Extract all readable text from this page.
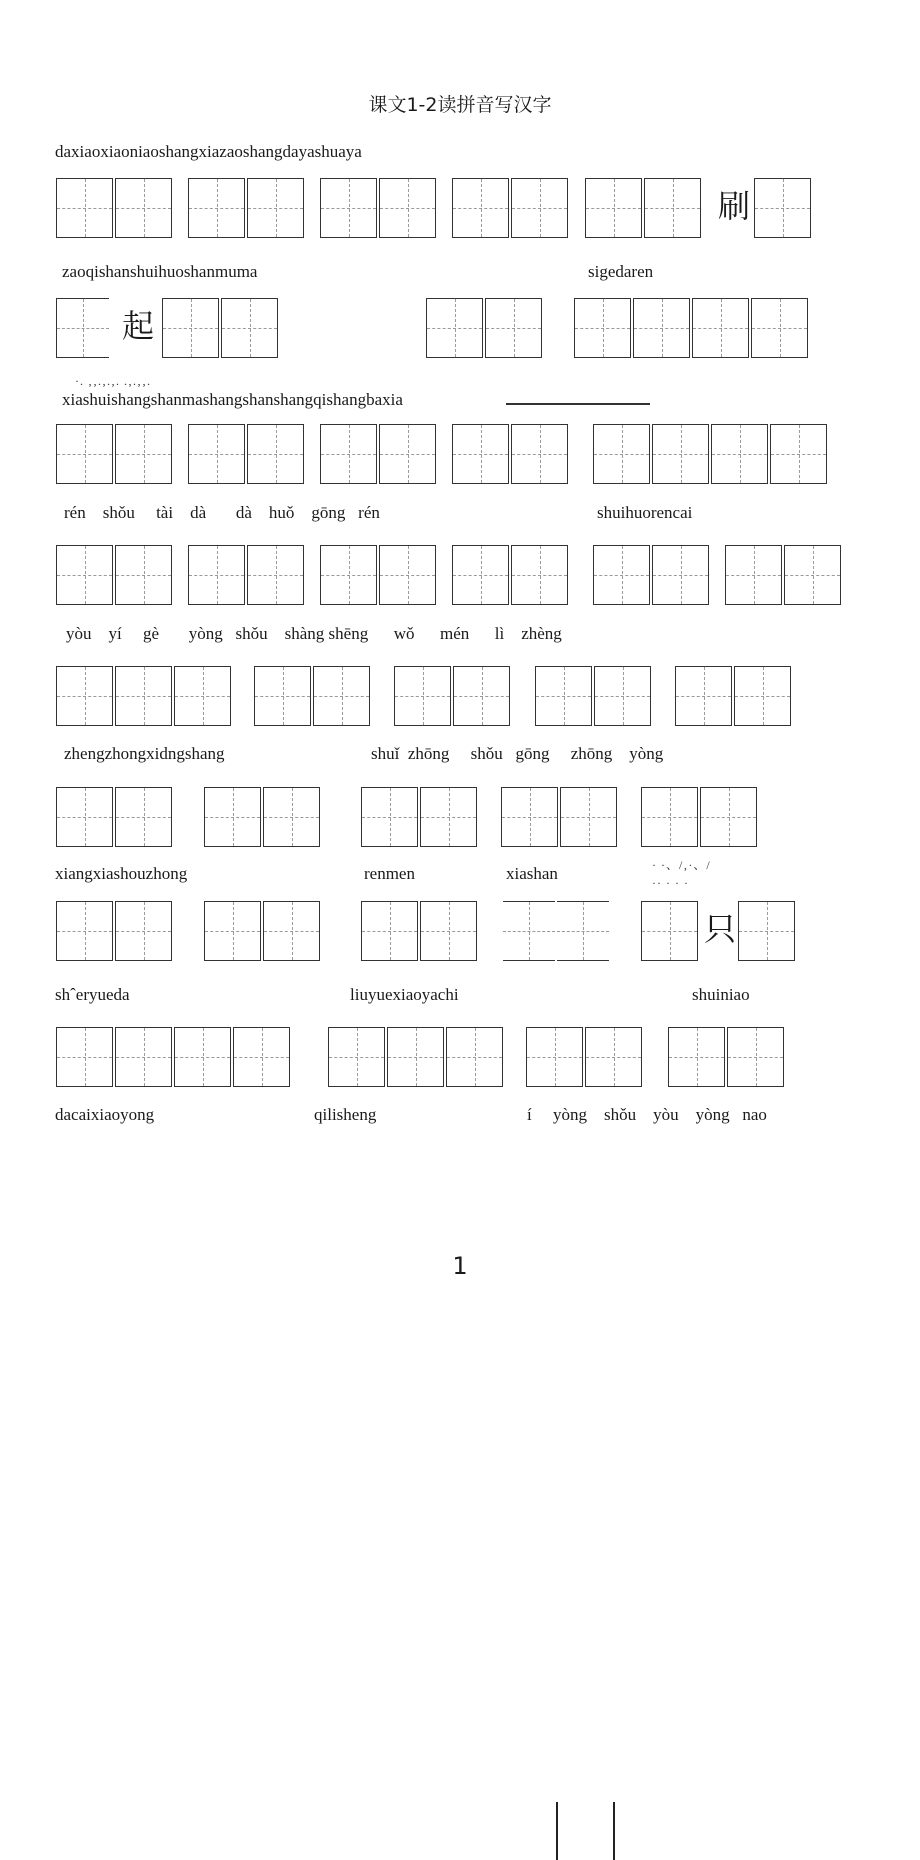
课文1-2读拼音写汉字
daxiaoxiaoniaoshangxiazaoshangdayashuaya
刷
zaoqishanshuihuoshanmuma	sigedaren
起
·. ‚‚.‚.‚. .‚.‚‚.
xiashuishangshanmashangshanshangqishangbaxia
rén    shǒu     tài    dà       dà    huǒ    gōng   rén	shuihuorencai
yòu    yí     gè       yòng   shǒu    shàng shēng      wǒ      mén      lì    zhèng
zhengzhongxidngshang	shuǐ  zhōng     shǒu   gōng     zhōng    yòng
xiangxiashouzhong	renmen	xiashan	· ·、/‚·、/
·· · · ·
只
shˆeryueda	liuyuexiaoyachi	shuiniao
dacaixiaoyong	qilisheng	í     yòng    shǒu    yòu    yòng   nao
1
